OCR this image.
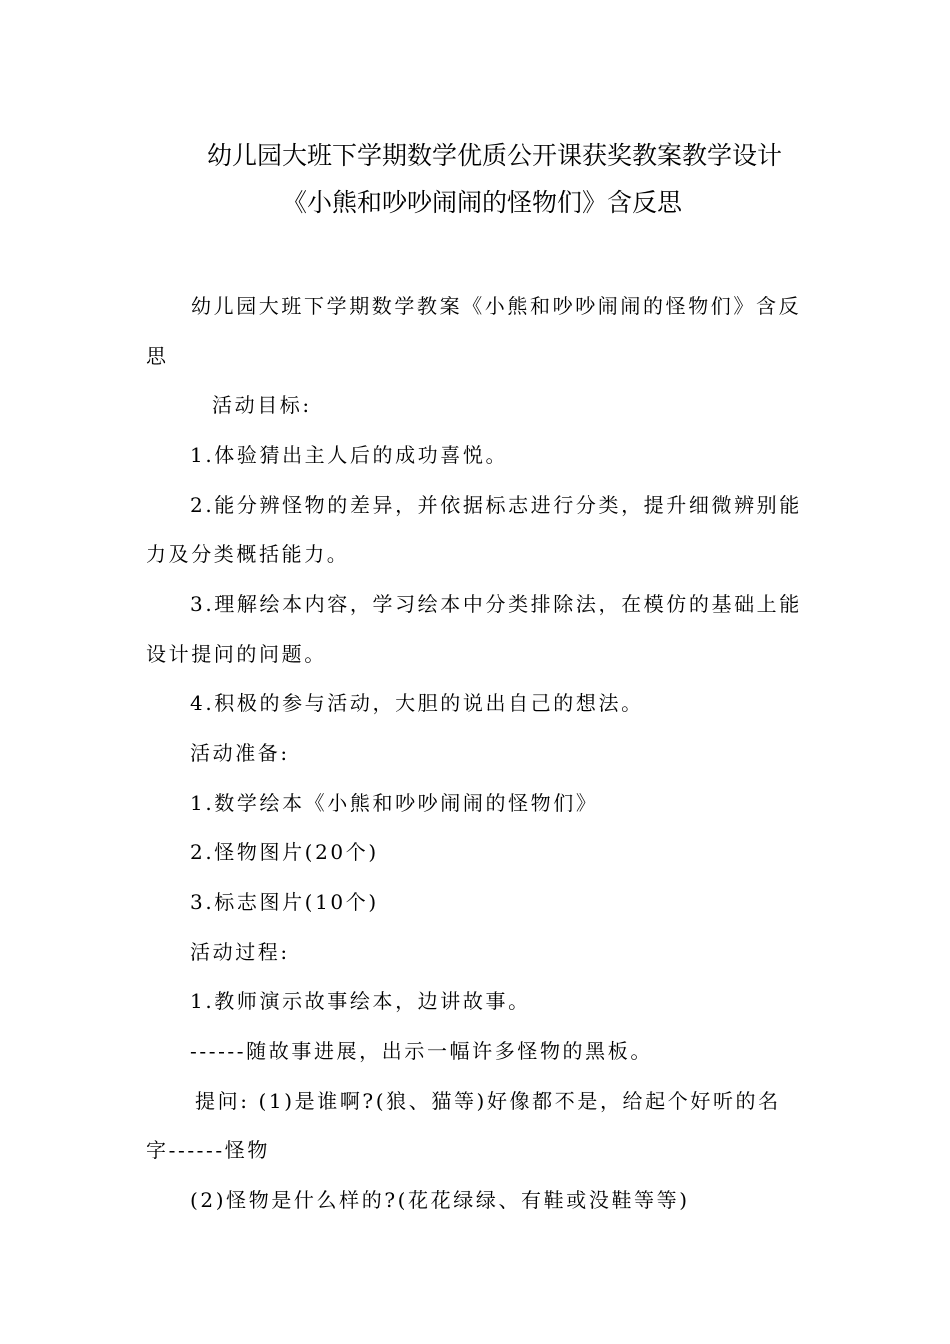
幼儿园大班下学期数学优质公开课获奖教案教学设计
《小熊和吵吵闹闹的怪物们》含反思
幼儿园大班下学期数学教案《小熊和吵吵闹闹的怪物们》含反
思
活动目标:
1.体验猜出主人后的成功喜悦。
2.能分辨怪物的差异，并依据标志进行分类，提升细微辨别能
力及分类概括能力。
3.理解绘本内容，学习绘本中分类排除法，在模仿的基础上能
设计提问的问题。
4.积极的参与活动，大胆的说出自己的想法。
活动准备:
1.数学绘本《小熊和吵吵闹闹的怪物们》
2.怪物图片(20个)
3.标志图片(10个)
活动过程:
1.教师演示故事绘本，边讲故事。
------随故事进展，出示一幅许多怪物的黑板。
提问: (1)是谁啊?(狼、猫等)好像都不是，给起个好听的名
字------怪物
(2)怪物是什么样的?(花花绿绿、有鞋或没鞋等等)
